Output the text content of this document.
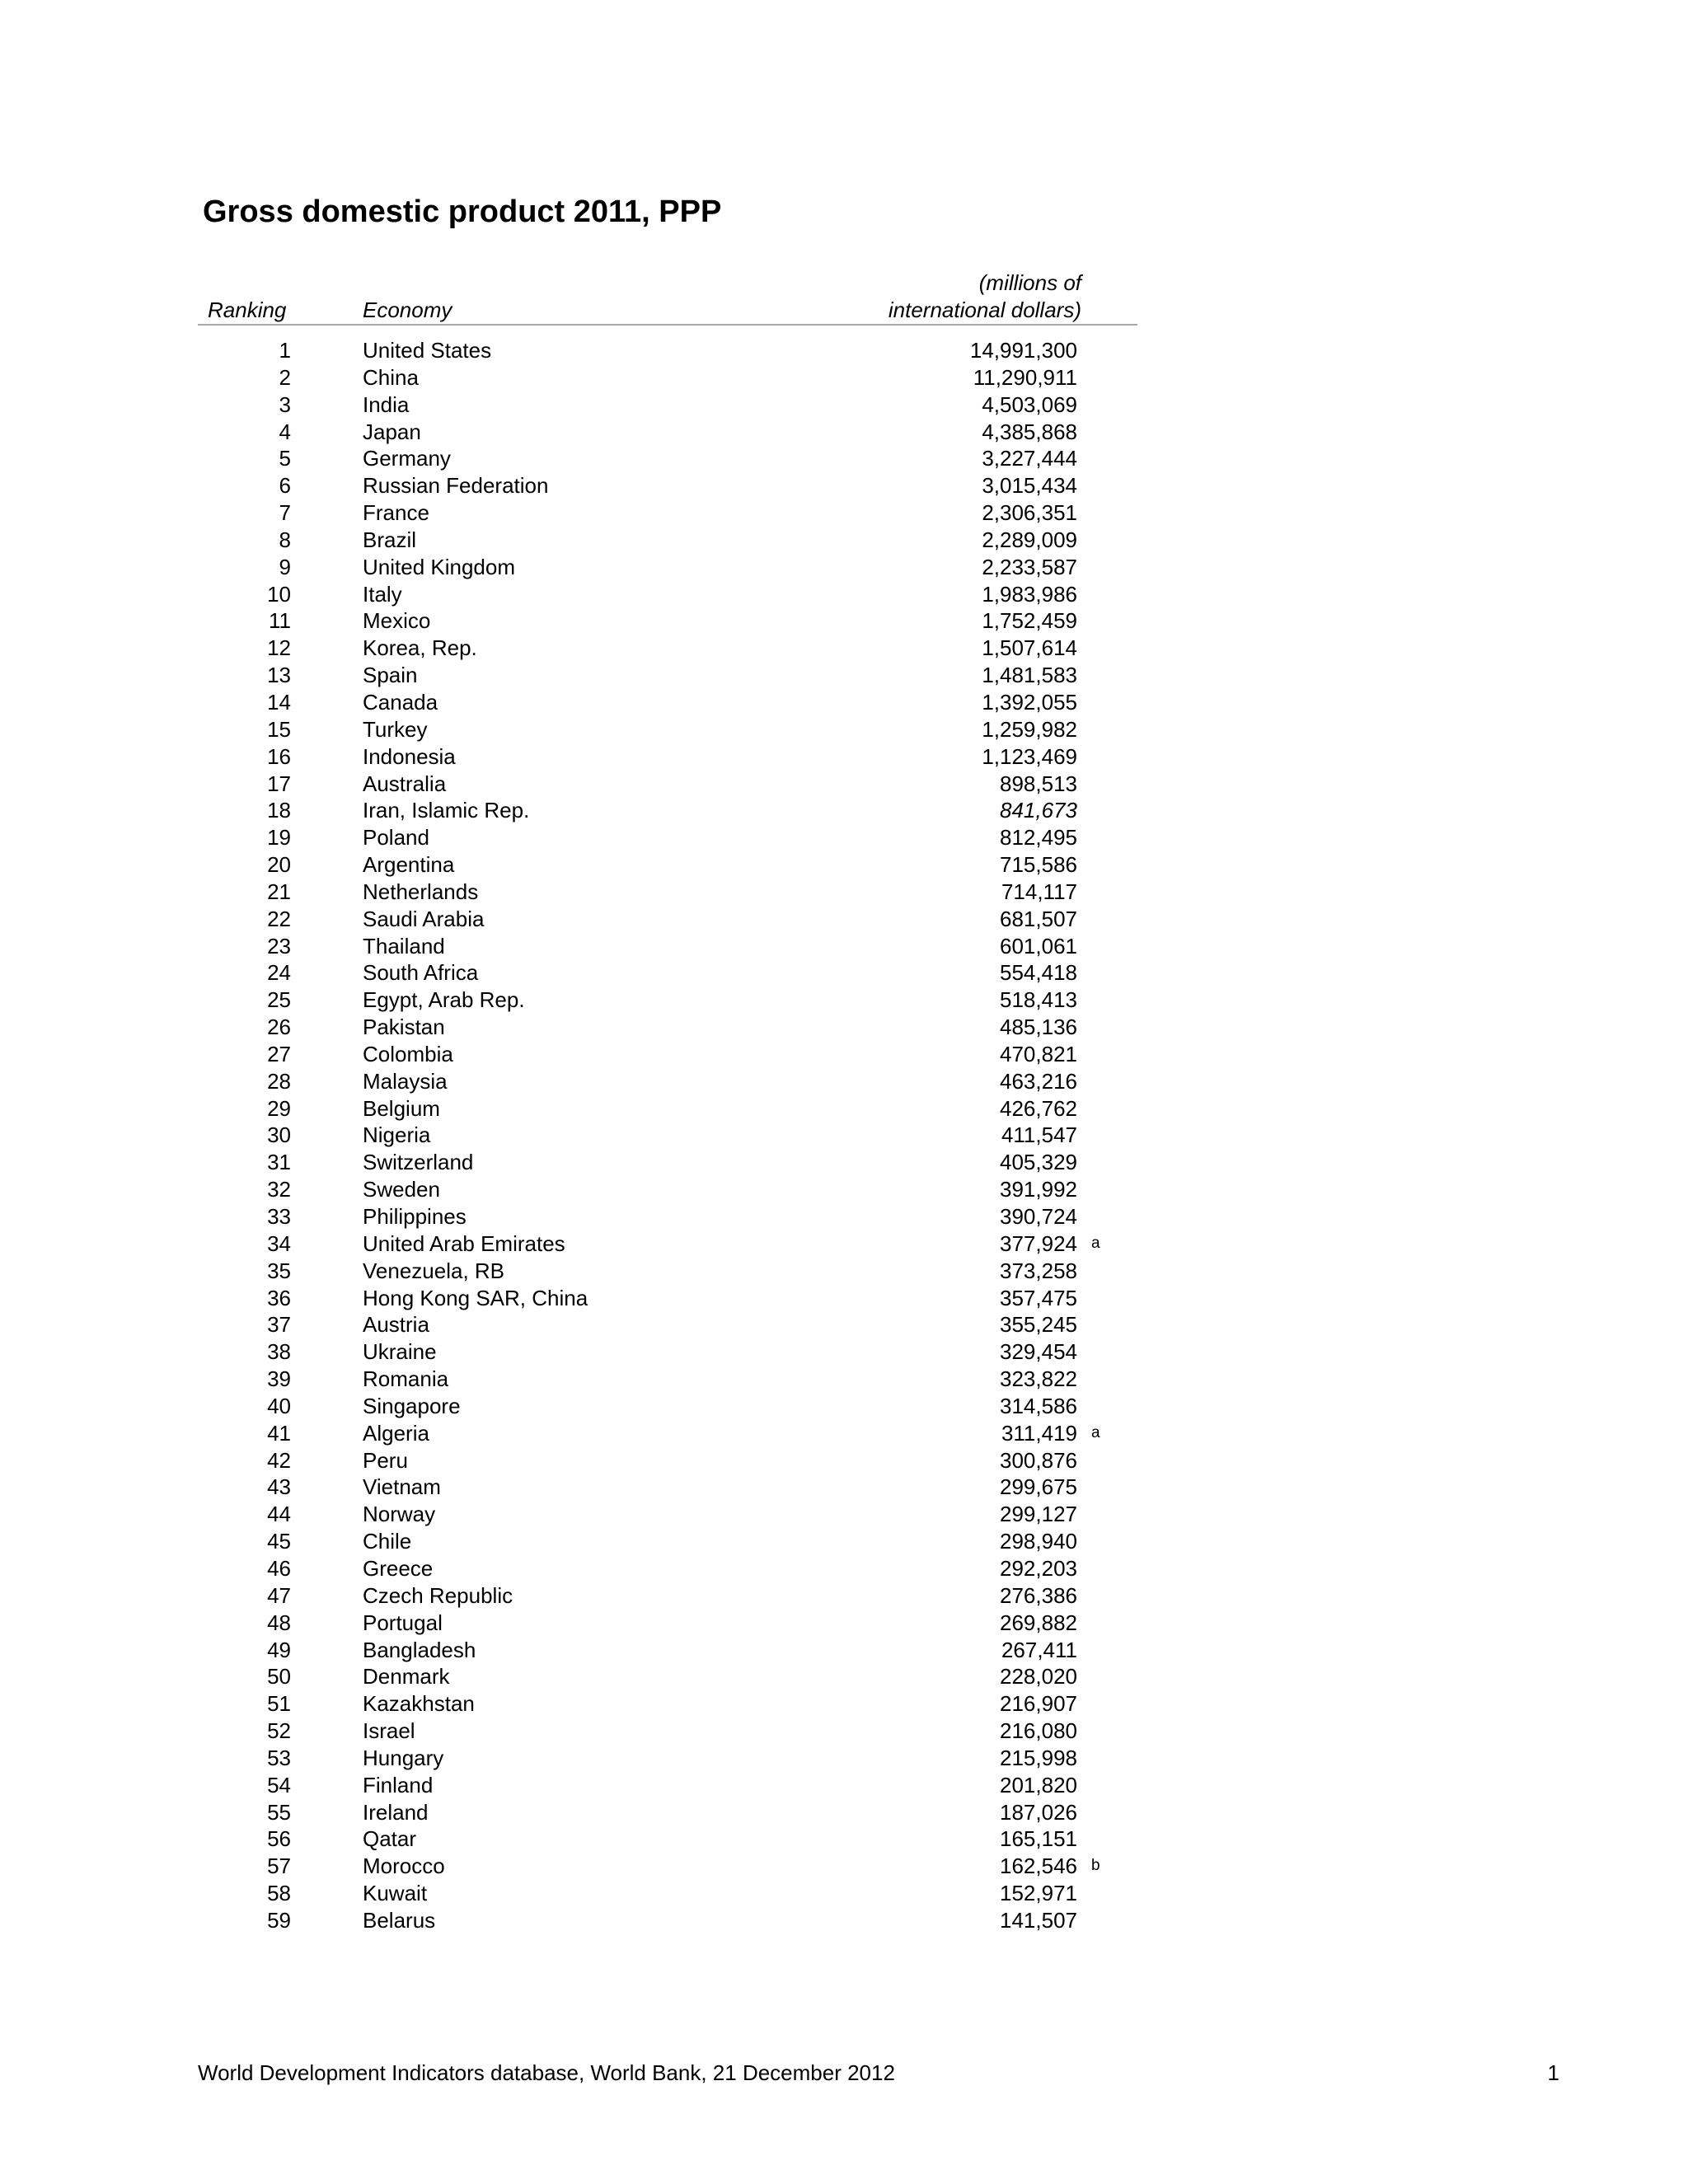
Gross domestic product 2011, PPP
(millions of
Ranking	Economy	international dollars)
1	United States	14,991,300
2	China	11,290,911
3	India	4,503,069
4	Japan	4,385,868
5	Germany	3,227,444
6	Russian Federation	3,015,434
7	France	2,306,351
8	Brazil	2,289,009
9	United Kingdom	2,233,587
10	Italy	1,983,986
11	Mexico	1,752,459
12	Korea, Rep.	1,507,614
13	Spain	1,481,583
14	Canada	1,392,055
15	Turkey	1,259,982
16	Indonesia	1,123,469
17	Australia	898,513
18	Iran, Islamic Rep.	841,673
19	Poland	812,495
20	Argentina	715,586
21	Netherlands	714,117
22	Saudi Arabia	681,507
23	Thailand	601,061
24	South Africa	554,418
25	Egypt, Arab Rep.	518,413
26	Pakistan	485,136
27	Colombia	470,821
28	Malaysia	463,216
29	Belgium	426,762
30	Nigeria	411,547
31	Switzerland	405,329
32	Sweden	391,992
33	Philippines	390,724
34	United Arab Emirates	377,924 a
35	Venezuela, RB	373,258
36	Hong Kong SAR, China	357,475
37	Austria	355,245
38	Ukraine	329,454
39	Romania	323,822
40	Singapore	314,586
41	Algeria	311,419 a
42	Peru	300,876
43	Vietnam	299,675
44	Norway	299,127
45	Chile	298,940
46	Greece	292,203
47	Czech Republic	276,386
48	Portugal	269,882
49	Bangladesh	267,411
50	Denmark	228,020
51	Kazakhstan	216,907
52	Israel	216,080
53	Hungary	215,998
54	Finland	201,820
55	Ireland	187,026
56	Qatar	165,151
57	Morocco	162,546 b
58	Kuwait	152,971
59	Belarus	141,507
World Development Indicators database, World Bank, 21 December 2012	1
